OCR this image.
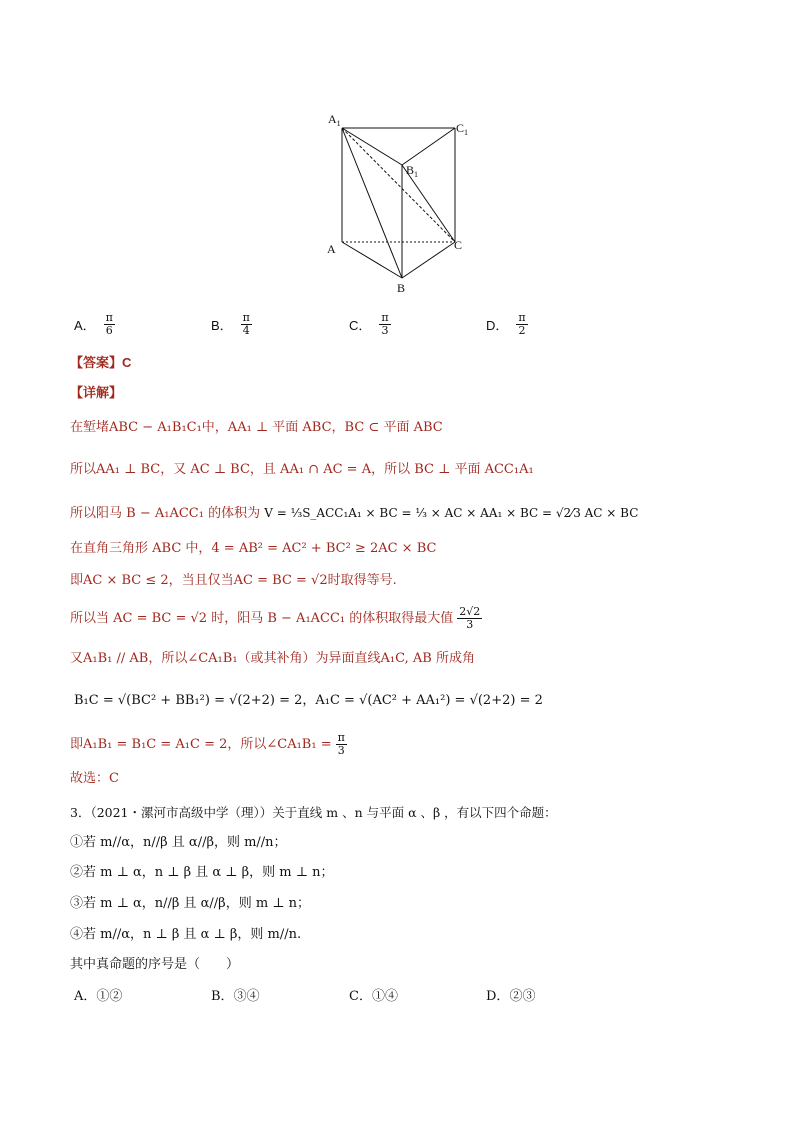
$A_1$	$C_1$
$B_1$
A	C
B
A． $\frac{\pi}{6}$	B． $\frac{\pi}{4}$	C． $\frac{\pi}{3}$	D． $\frac{\pi}{2}$
【答案】C
【详解】
在堑堵ABC − A₁B₁C₁中，AA₁ ⊥ 平面 ABC，BC ⊂ 平面 ABC
所以AA₁ ⊥ BC，又 AC ⊥ BC，且 AA₁ ∩ AC = A，所以 BC ⊥ 平面 ACC₁A₁
所以阳马 B − A₁ACC₁ 的体积为 V = ⅓S_ACC₁A₁ × BC = ⅓ × AC × AA₁ × BC = √2⁄3 AC × BC
在直角三角形 ABC 中，4 = AB² = AC² + BC² ≥ 2AC × BC
即AC × BC ≤ 2，当且仅当AC = BC = √2时取得等号.
所以当 AC = BC = √2 时，阳马 B − A₁ACC₁ 的体积取得最大值 $\frac{2√2}{3}$
又A₁B₁ // AB，所以∠CA₁B₁（或其补角）为异面直线A₁C, AB 所成角
B₁C = √(BC² + BB₁²) = √(2+2) = 2，A₁C = √(AC² + AA₁²) = √(2+2) = 2
即A₁B₁ = B₁C = A₁C = 2，所以∠CA₁B₁ = $\frac{\pi}{3}$
故选：C
3．（2021・漯河市高级中学（理））关于直线 m 、n 与平面 α 、β ，有以下四个命题：
①若 m//α，n//β 且 α//β，则 m//n；
②若 m ⊥ α，n ⊥ β 且 α ⊥ β，则 m ⊥ n；
③若 m ⊥ α，n//β 且 α//β，则 m ⊥ n；
④若 m//α，n ⊥ β 且 α ⊥ β，则 m//n.
其中真命题的序号是（　　）
A．①②	B．③④	C．①④	D．②③
